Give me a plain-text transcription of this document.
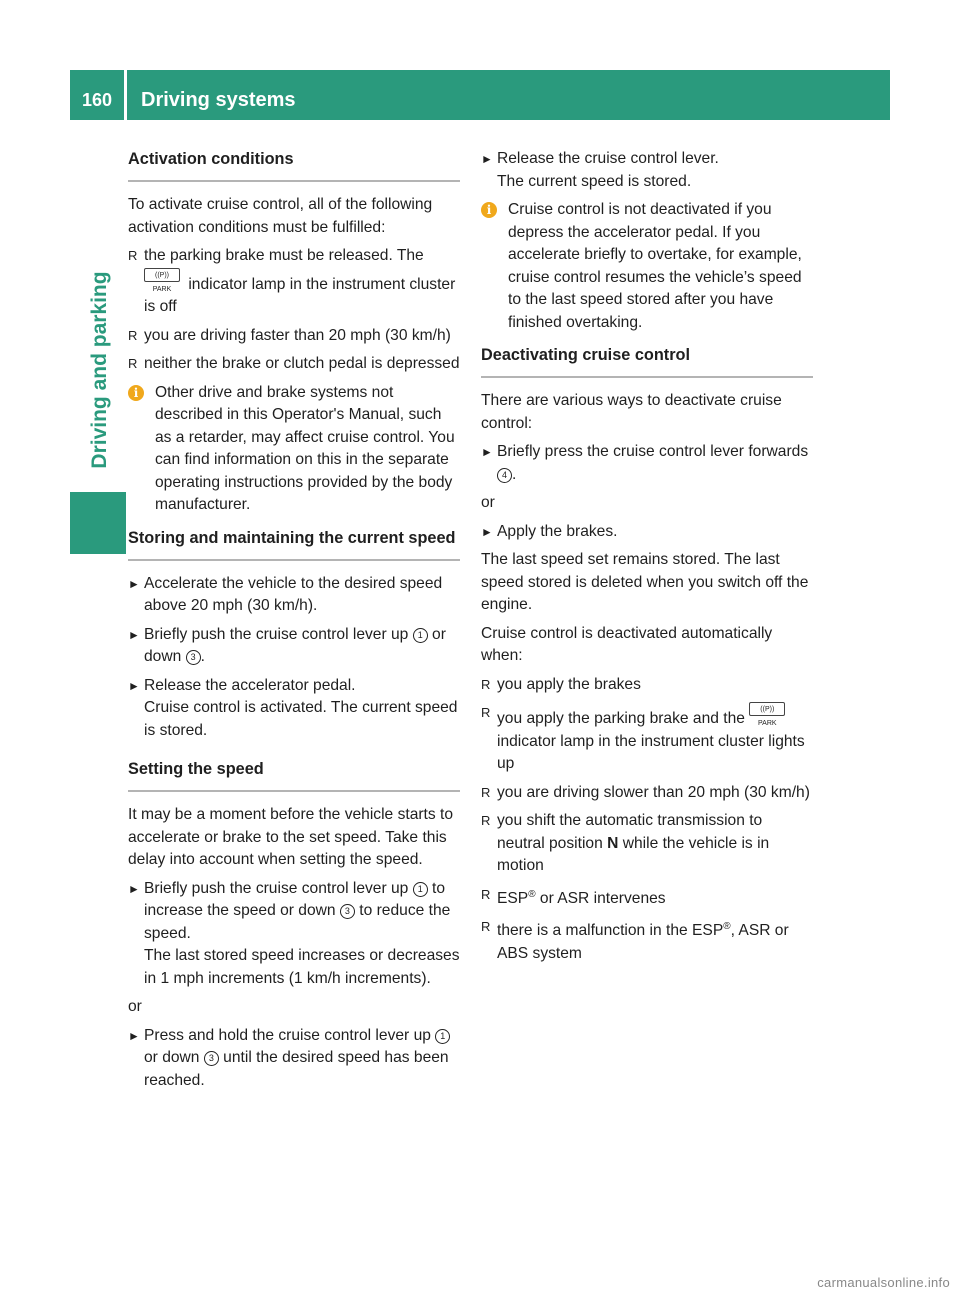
160	Driving systems
Driving and parking
Activation conditions

To activate cruise control, all of the following activation conditions must be fulfilled:

R the parking brake must be released. The ((P)) PARK indicator lamp in the instrument cluster is off
R you are driving faster than 20 mph (30 km/h)
R neither the brake or clutch pedal is depressed
i	Other drive and brake systems not described in this Operator's Manual, such as a retarder, may affect cruise control. You can find information on this in the separate operating instructions provided by the body manufacturer.
Storing and maintaining the current speed
► Accelerate the vehicle to the desired speed above 20 mph (30 km/h).
► Briefly push the cruise control lever up 1 or down 3 .
► Release the accelerator pedal.
Cruise control is activated. The current speed is stored.
Setting the speed

It may be a moment before the vehicle starts to accelerate or brake to the set speed. Take this delay into account when setting the speed.

► Briefly push the cruise control lever up 1 to increase the speed or down 3 to reduce the speed.
The last stored speed increases or decreases in 1 mph increments (1 km/h increments).

or

► Press and hold the cruise control lever up 1 or down 3 until the desired speed has been reached.
► Release the cruise control lever.
The current speed is stored.
i	Cruise control is not deactivated if you depress the accelerator pedal. If you accelerate briefly to overtake, for example, cruise control resumes the vehicle’s speed to the last speed stored after you have finished overtaking.
Deactivating cruise control

There are various ways to deactivate cruise control:

► Briefly press the cruise control lever forwards 4 .

or

► Apply the brakes.

The last speed set remains stored. The last speed stored is deleted when you switch off the engine.

Cruise control is deactivated automatically when:

R you apply the brakes
R you apply the parking brake and the ((P)) PARK indicator lamp in the instrument cluster lights up
R you are driving slower than 20 mph (30 km/h)
R you shift the automatic transmission to neutral position N while the vehicle is in motion
R ESP® or ASR intervenes
R there is a malfunction in the ESP®, ASR or ABS system
carmanualsonline.info
